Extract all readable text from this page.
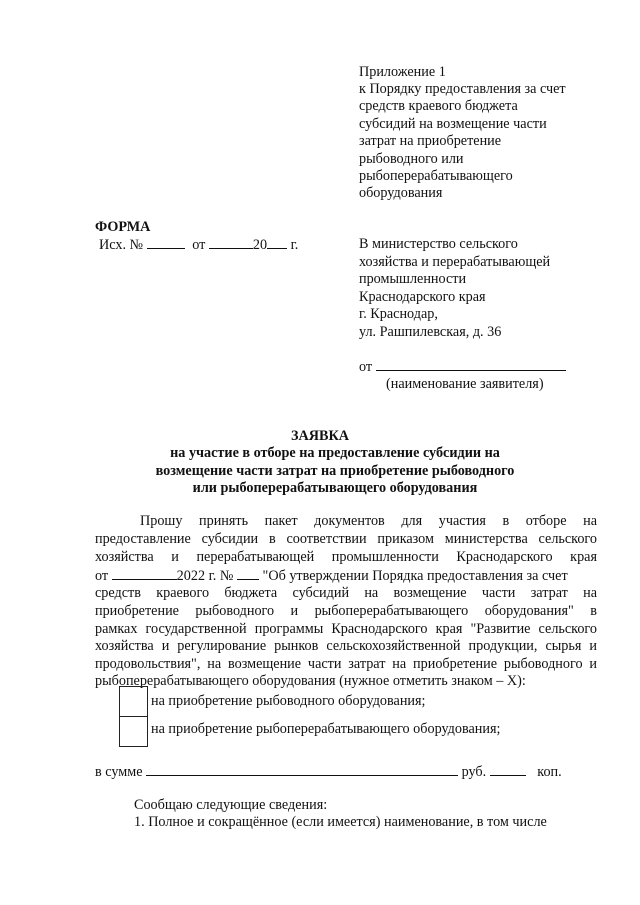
Приложение 1
к Порядку предоставления за счет
средств краевого бюджета
субсидий на возмещение части
затрат на приобретение
рыбоводного или
рыбоперерабатывающего
оборудования
ФОРМА
Исх. №	от	20 г.	В министерство сельского
хозяйства и перерабатывающей
промышленности
Краснодарского края
г. Краснодар,
ул. Рашпилевская, д. 36
от
(наименование заявителя)
ЗАЯВКА
на участие в отборе на предоставление субсидии на
возмещение части затрат на приобретение рыбоводного
или рыбоперерабатывающего оборудования
Прошу принять пакет документов для участия в отборе на
предоставление субсидии в соответствии приказом министерства сельского
хозяйства и перерабатывающей промышленности Краснодарского края
от	2022 г. № "Об утверждении Порядка предоставления за счет
средств краевого бюджета субсидий на возмещение части затрат на
приобретение рыбоводного и рыбоперерабатывающего оборудования" в
рамках государственной программы Краснодарского края "Развитие сельского
хозяйства и регулирование рынков сельскохозяйственной продукции, сырья и
продовольствия", на возмещение части затрат на приобретение рыбоводного и
рыбоперерабатывающего оборудования (нужное отметить знаком – X):
на приобретение рыбоводного оборудования;
на приобретение рыбоперерабатывающего оборудования;
в сумме	руб.	коп.
Сообщаю следующие сведения:
1. Полное и сокращённое (если имеется) наименование, в том числе
